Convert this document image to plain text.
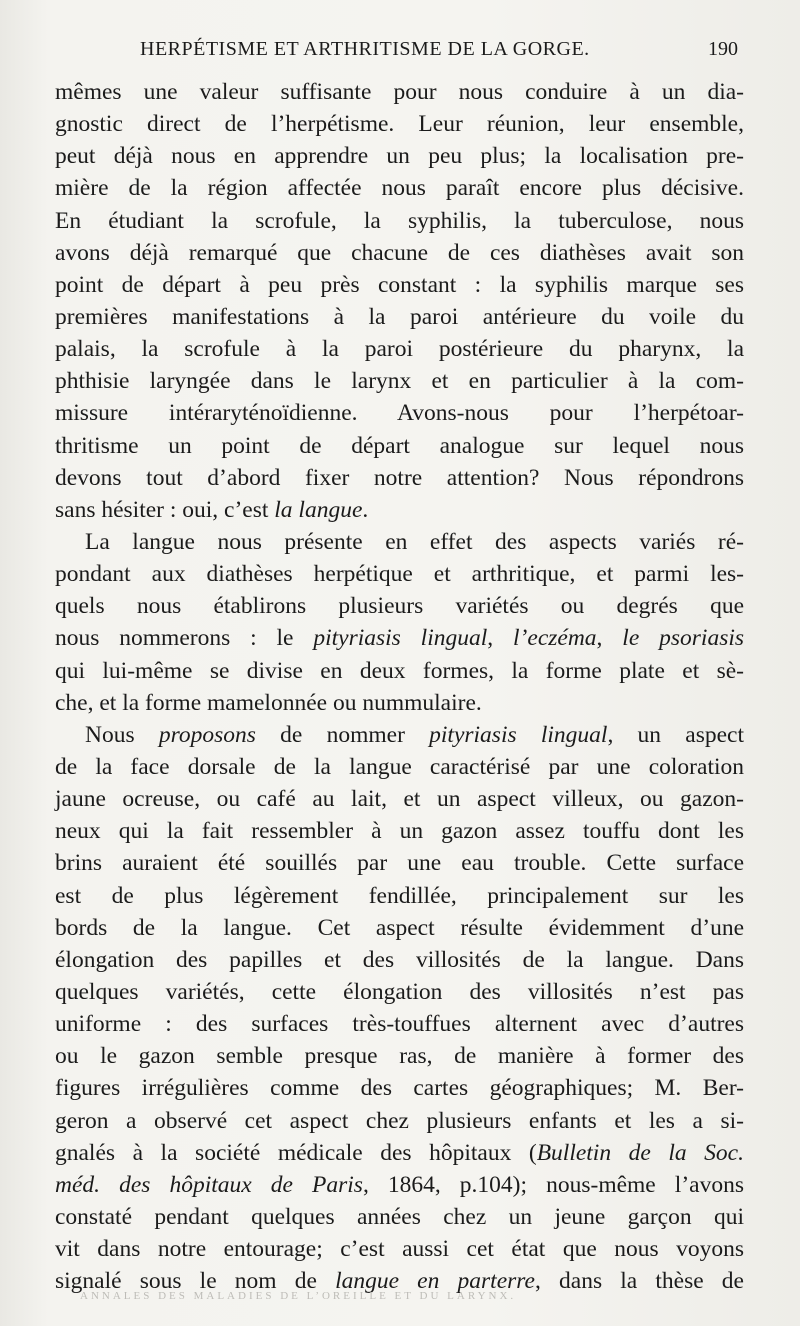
HERPÉTISME ET ARTHRITISME DE LA GORGE.	190
mêmes une valeur suffisante pour nous conduire à un dia-
gnostic direct de l’herpétisme. Leur réunion, leur ensemble,
peut déjà nous en apprendre un peu plus; la localisation pre-
mière de la région affectée nous paraît encore plus décisive.
En étudiant la scrofule, la syphilis, la tuberculose, nous
avons déjà remarqué que chacune de ces diathèses avait son
point de départ à peu près constant : la syphilis marque ses
premières manifestations à la paroi antérieure du voile du
palais, la scrofule à la paroi postérieure du pharynx, la
phthisie laryngée dans le larynx et en particulier à la com-
missure intéraryténoïdienne. Avons-nous pour l’herpétoar-
thritisme un point de départ analogue sur lequel nous
devons tout d’abord fixer notre attention? Nous répondrons
sans hésiter : oui, c’est la langue.
La langue nous présente en effet des aspects variés ré-
pondant aux diathèses herpétique et arthritique, et parmi les-
quels nous établirons plusieurs variétés ou degrés que
nous nommerons : le pityriasis lingual, l’eczéma, le psoriasis
qui lui-même se divise en deux formes, la forme plate et sè-
che, et la forme mamelonnée ou nummulaire.
Nous proposons de nommer pityriasis lingual, un aspect
de la face dorsale de la langue caractérisé par une coloration
jaune ocreuse, ou café au lait, et un aspect villeux, ou gazon-
neux qui la fait ressembler à un gazon assez touffu dont les
brins auraient été souillés par une eau trouble. Cette surface
est de plus légèrement fendillée, principalement sur les
bords de la langue. Cet aspect résulte évidemment d’une
élongation des papilles et des villosités de la langue. Dans
quelques variétés, cette élongation des villosités n’est pas
uniforme : des surfaces très-touffues alternent avec d’autres
ou le gazon semble presque ras, de manière à former des
figures irrégulières comme des cartes géographiques; M. Ber-
geron a observé cet aspect chez plusieurs enfants et les a si-
gnalés à la société médicale des hôpitaux (Bulletin de la Soc.
méd. des hôpitaux de Paris, 1864, p.104); nous-même l’avons
constaté pendant quelques années chez un jeune garçon qui
vit dans notre entourage; c’est aussi cet état que nous voyons
signalé sous le nom de langue en parterre, dans la thèse de
ANNALES DES MALADIES DE L’OREILLE ET DU LARYNX.
